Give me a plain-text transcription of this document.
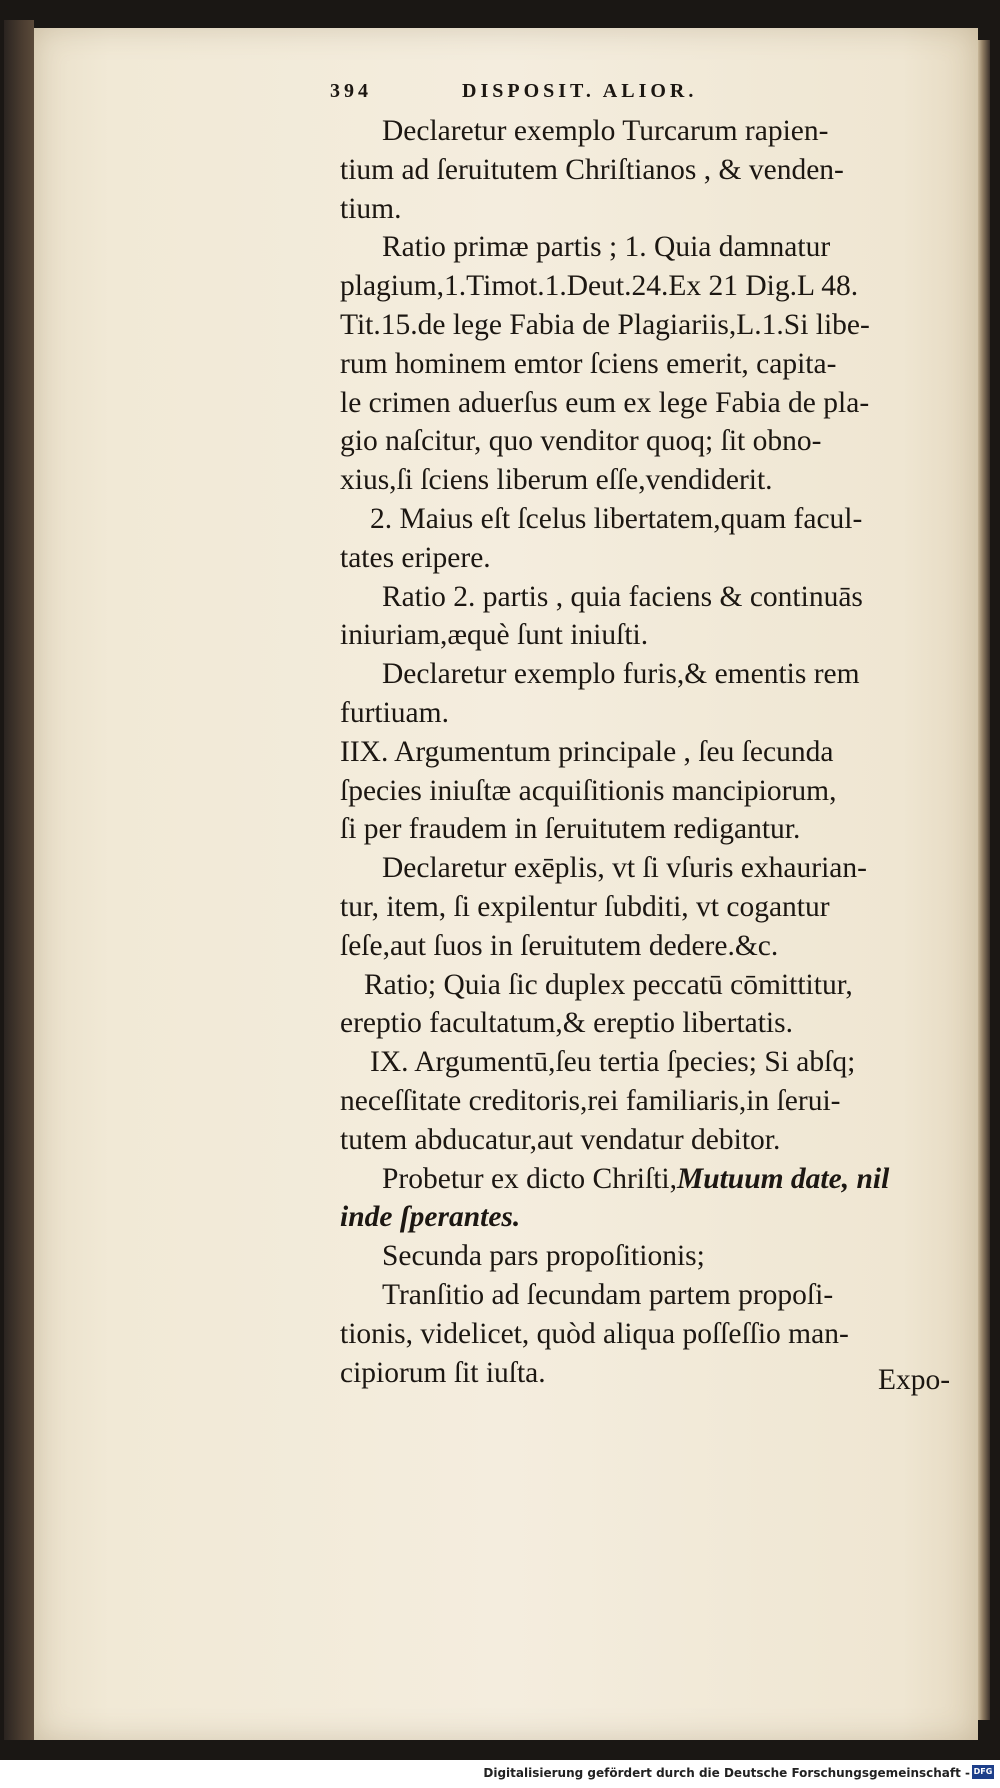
394	DISPOSIT. ALIOR.
Declaretur exemplo Turcarum rapien-
tium ad ſeruitutem Chriſtianos , & venden-
tium.
Ratio primæ partis ; 1. Quia damnatur
plagium,1.Timot.1.Deut.24.Ex 21 Dig.L 48.
Tit.15.de lege Fabia de Plagiariis,L.1.Si libe-
rum hominem emtor ſciens emerit, capita-
le crimen aduerſus eum ex lege Fabia de pla-
gio naſcitur, quo venditor quoq; ſit obno-
xius,ſi ſciens liberum eſſe,vendiderit.
2. Maius eſt ſcelus libertatem,quam facul-
tates eripere.
Ratio 2. partis , quia faciens & continuās
iniuriam,æquè ſunt iniuſti.
Declaretur exemplo furis,& ementis rem
furtiuam.
IIX. Argumentum principale , ſeu ſecunda
ſpecies iniuſtæ acquiſitionis mancipiorum,
ſi per fraudem in ſeruitutem redigantur.
Declaretur exēplis, vt ſi vſuris exhaurian-
tur, item, ſi expilentur ſubditi, vt cogantur
ſeſe,aut ſuos in ſeruitutem dedere.&c.
Ratio; Quia ſic duplex peccatū cōmittitur,
ereptio facultatum,& ereptio libertatis.
IX. Argumentū,ſeu tertia ſpecies; Si abſq;
neceſſitate creditoris,rei familiaris,in ſerui-
tutem abducatur,aut vendatur debitor.
Probetur ex dicto Chriſti,Mutuum date, nil
inde ſperantes.
Secunda pars propoſitionis;
Tranſitio ad ſecundam partem propoſi-
tionis, videlicet, quòd aliqua poſſeſſio man-
cipiorum ſit iuſta.	Expo-
Digitalisierung gefördert durch die Deutsche Forschungsgemeinschaft - DFG
